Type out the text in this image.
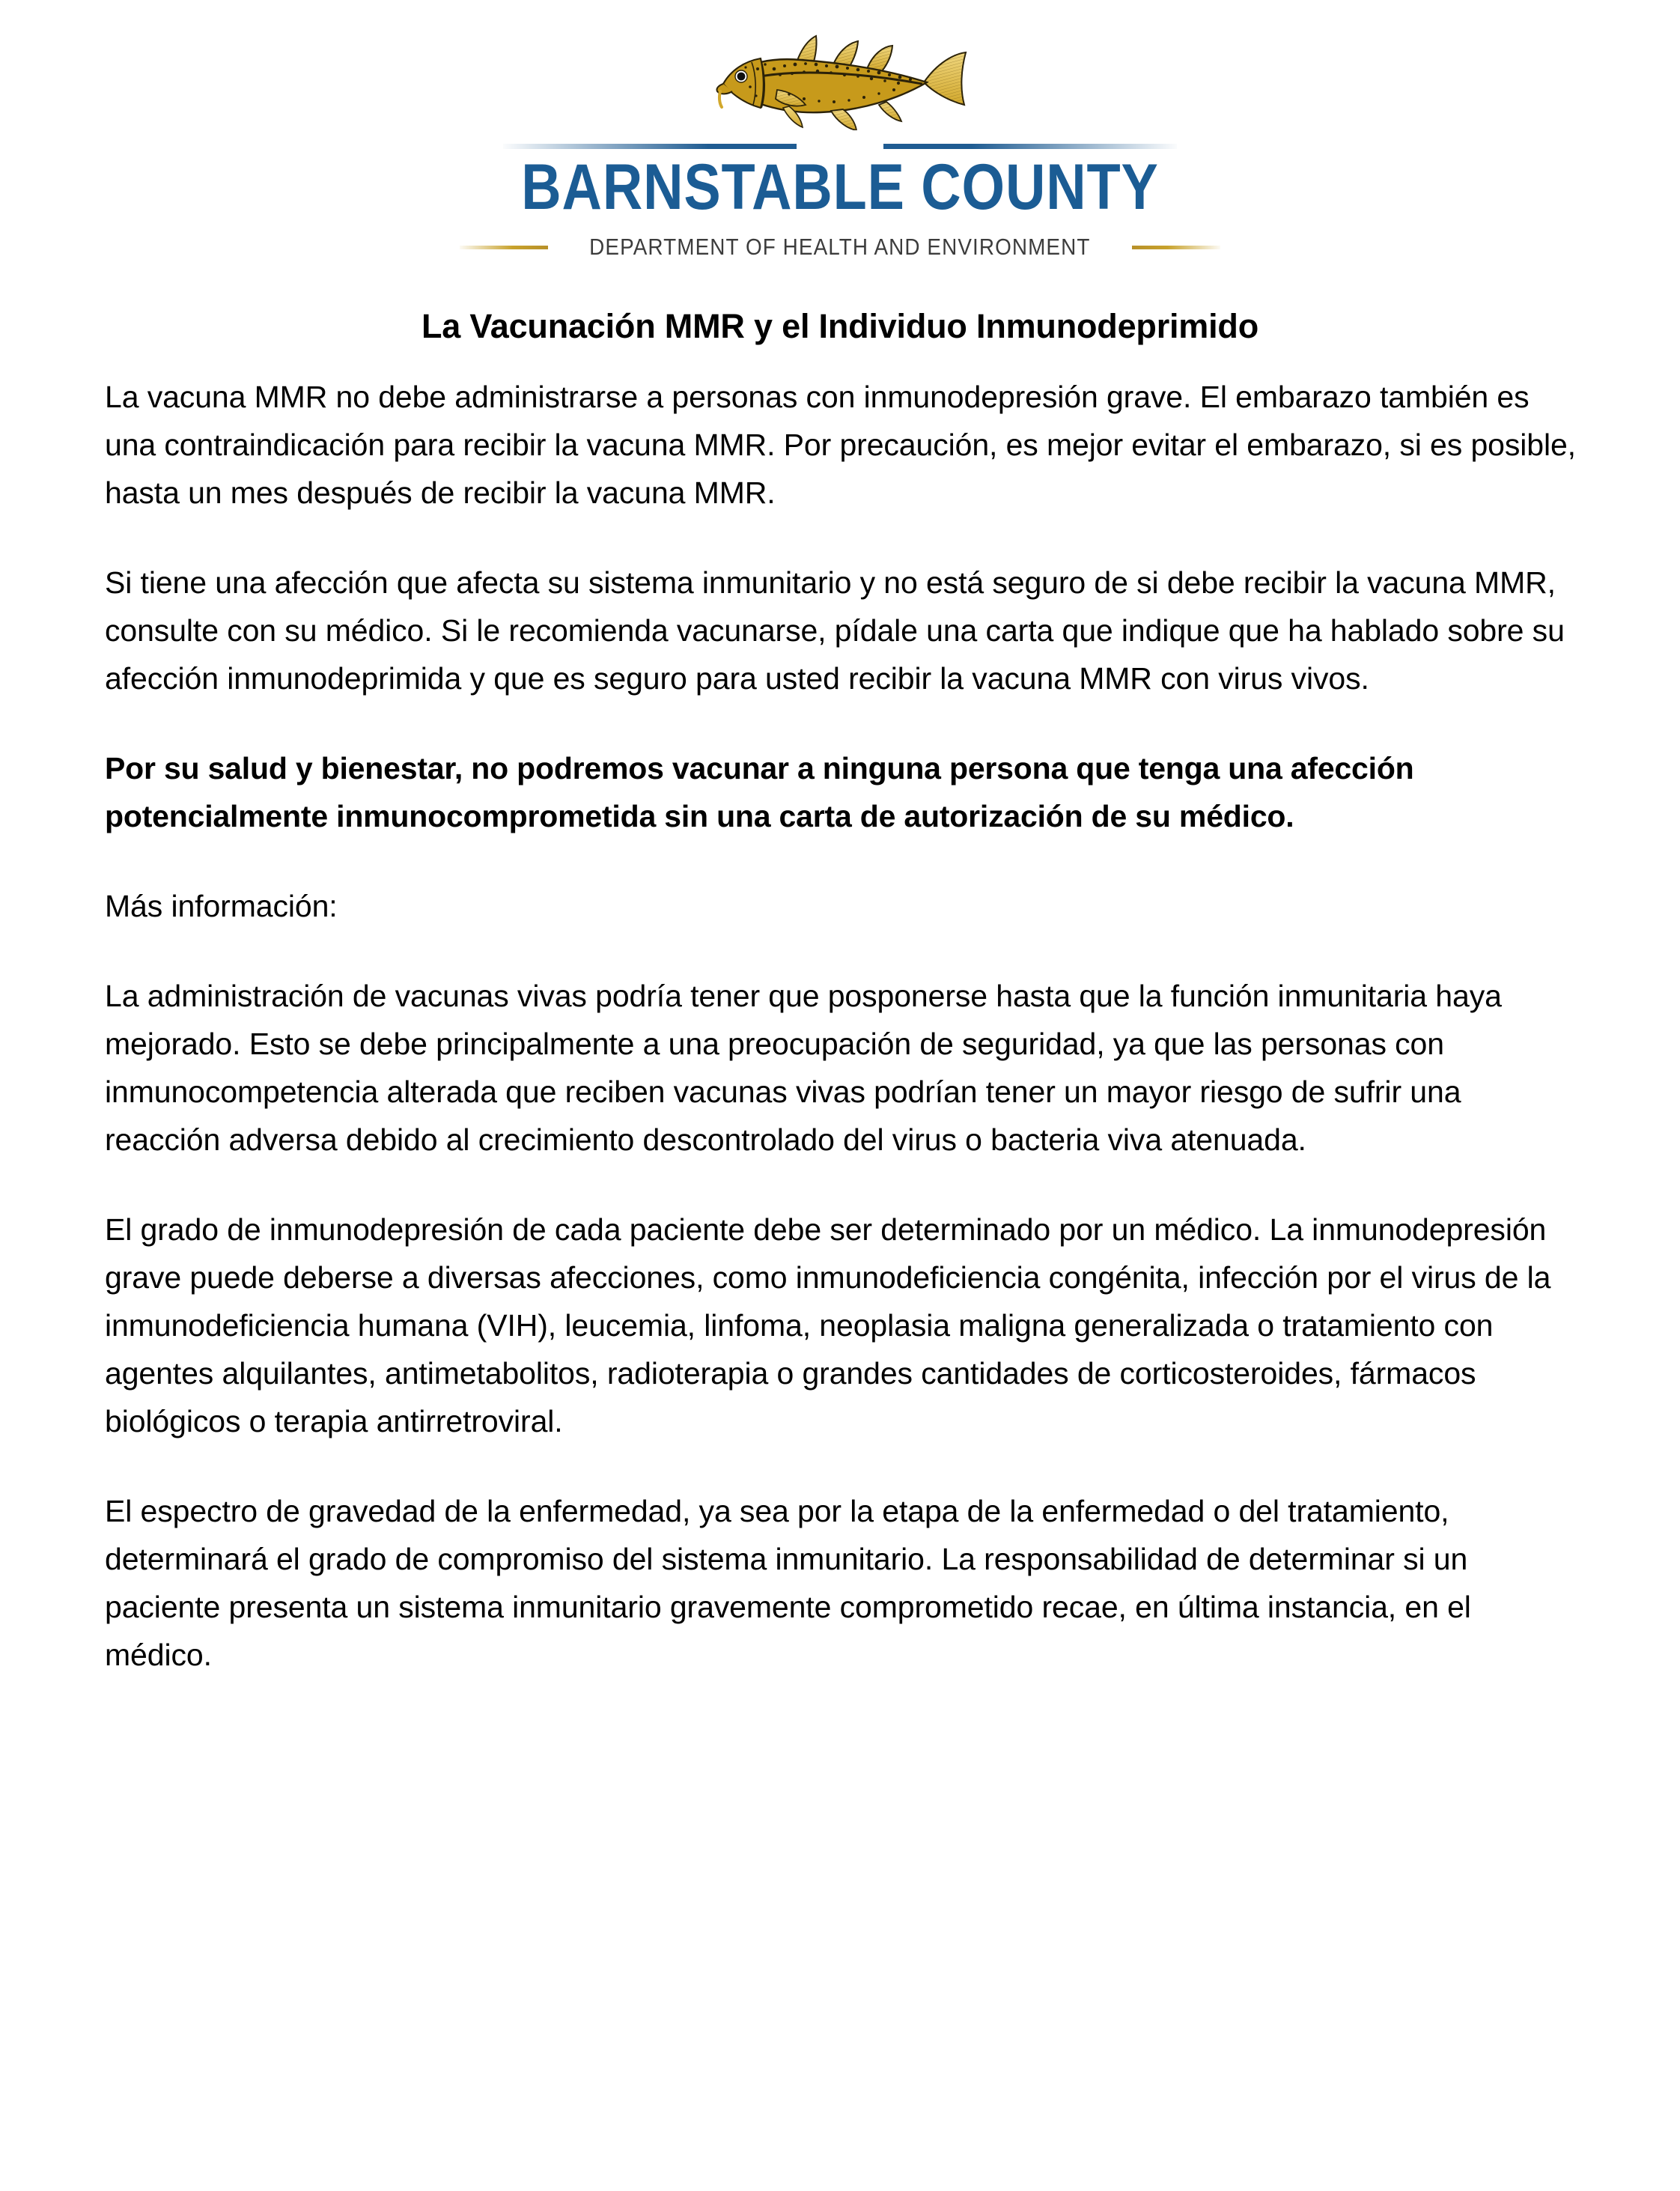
BARNSTABLE COUNTY
DEPARTMENT OF HEALTH AND ENVIRONMENT
La Vacunación MMR y el Individuo Inmunodeprimido

La vacuna MMR no debe administrarse a personas con inmunodepresión grave. El embarazo también es una contraindicación para recibir la vacuna MMR. Por precaución, es mejor evitar el embarazo, si es posible, hasta un mes después de recibir la vacuna MMR.

Si tiene una afección que afecta su sistema inmunitario y no está seguro de si debe recibir la vacuna MMR, consulte con su médico. Si le recomienda vacunarse, pídale una carta que indique que ha hablado sobre su afección inmunodeprimida y que es seguro para usted recibir la vacuna MMR con virus vivos.

Por su salud y bienestar, no podremos vacunar a ninguna persona que tenga una afección potencialmente inmunocomprometida sin una carta de autorización de su médico.

Más información:

La administración de vacunas vivas podría tener que posponerse hasta que la función inmunitaria haya mejorado. Esto se debe principalmente a una preocupación de seguridad, ya que las personas con inmunocompetencia alterada que reciben vacunas vivas podrían tener un mayor riesgo de sufrir una reacción adversa debido al crecimiento descontrolado del virus o bacteria viva atenuada.

El grado de inmunodepresión de cada paciente debe ser determinado por un médico. La inmunodepresión grave puede deberse a diversas afecciones, como inmunodeficiencia congénita, infección por el virus de la inmunodeficiencia humana (VIH), leucemia, linfoma, neoplasia maligna generalizada o tratamiento con agentes alquilantes, antimetabolitos, radioterapia o grandes cantidades de corticosteroides, fármacos biológicos o terapia antirretroviral.

El espectro de gravedad de la enfermedad, ya sea por la etapa de la enfermedad o del tratamiento, determinará el grado de compromiso del sistema inmunitario. La responsabilidad de determinar si un paciente presenta un sistema inmunitario gravemente comprometido recae, en última instancia, en el médico.
